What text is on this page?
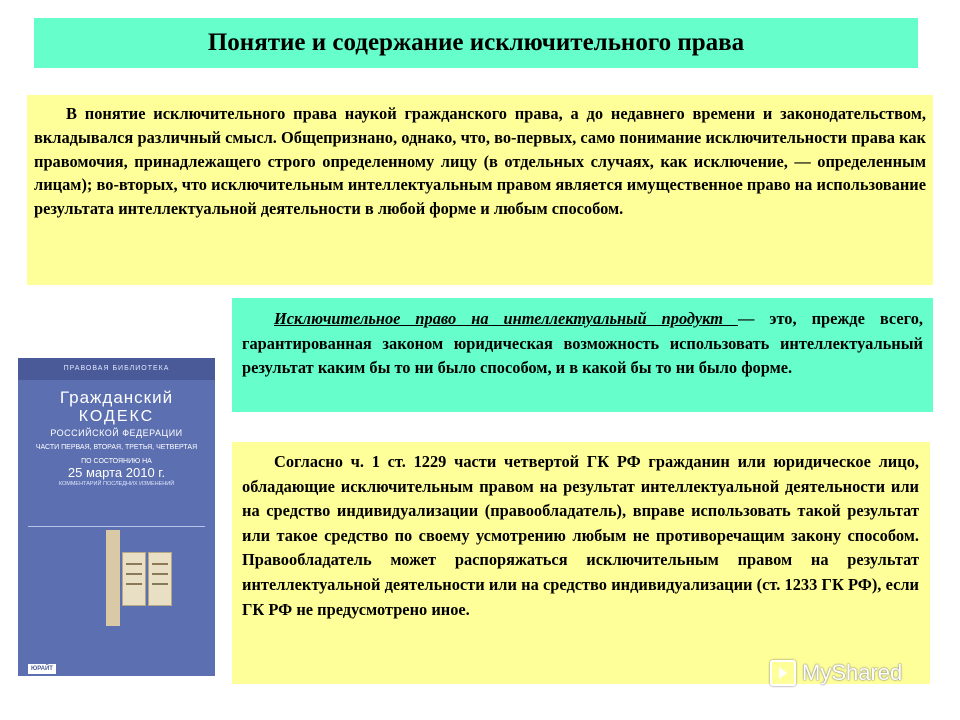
Понятие и содержание исключительного права

В понятие исключительного права наукой гражданского права, а до недавнего времени и законодательством, вкладывался различный смысл. Общепризнано, однако, что, во-первых, само понимание исключительности права как правомочия, принадлежащего строго определенному лицу (в отдельных случаях, как исключение, — определенным лицам); во-вторых, что исключительным интеллектуальным правом является имущественное право на использование результата интеллектуальной деятельности в любой форме и любым способом.

Исключительное право на интеллектуальный продукт — это, прежде всего, гарантированная законом юридическая возможность использовать интеллектуальный результат каким бы то ни было способом, и в какой бы то ни было форме.

Согласно ч. 1 ст. 1229 части четвертой ГК РФ гражданин или юридическое лицо, обладающие исключительным правом на результат интеллектуальной деятельности или на средство индивидуализации (правообладатель), вправе использовать такой результат или такое средство по своему усмотрению любым не противоречащим закону способом. Правообладатель может распоряжаться исключительным правом на результат интеллектуальной деятельности или на средство индивидуализации (ст. 1233 ГК РФ), если ГК РФ не предусмотрено иное.

ПРАВОВАЯ БИБЛИОТЕКА
Гражданский
КОДЕКС
РОССИЙСКОЙ ФЕДЕРАЦИИ
ЧАСТИ ПЕРВАЯ, ВТОРАЯ, ТРЕТЬЯ, ЧЕТВЕРТАЯ
ПО СОСТОЯНИЮ НА
25 марта 2010 г.
КОММЕНТАРИЙ ПОСЛЕДНИХ ИЗМЕНЕНИЙ
ЮРАЙТ	MyShared
